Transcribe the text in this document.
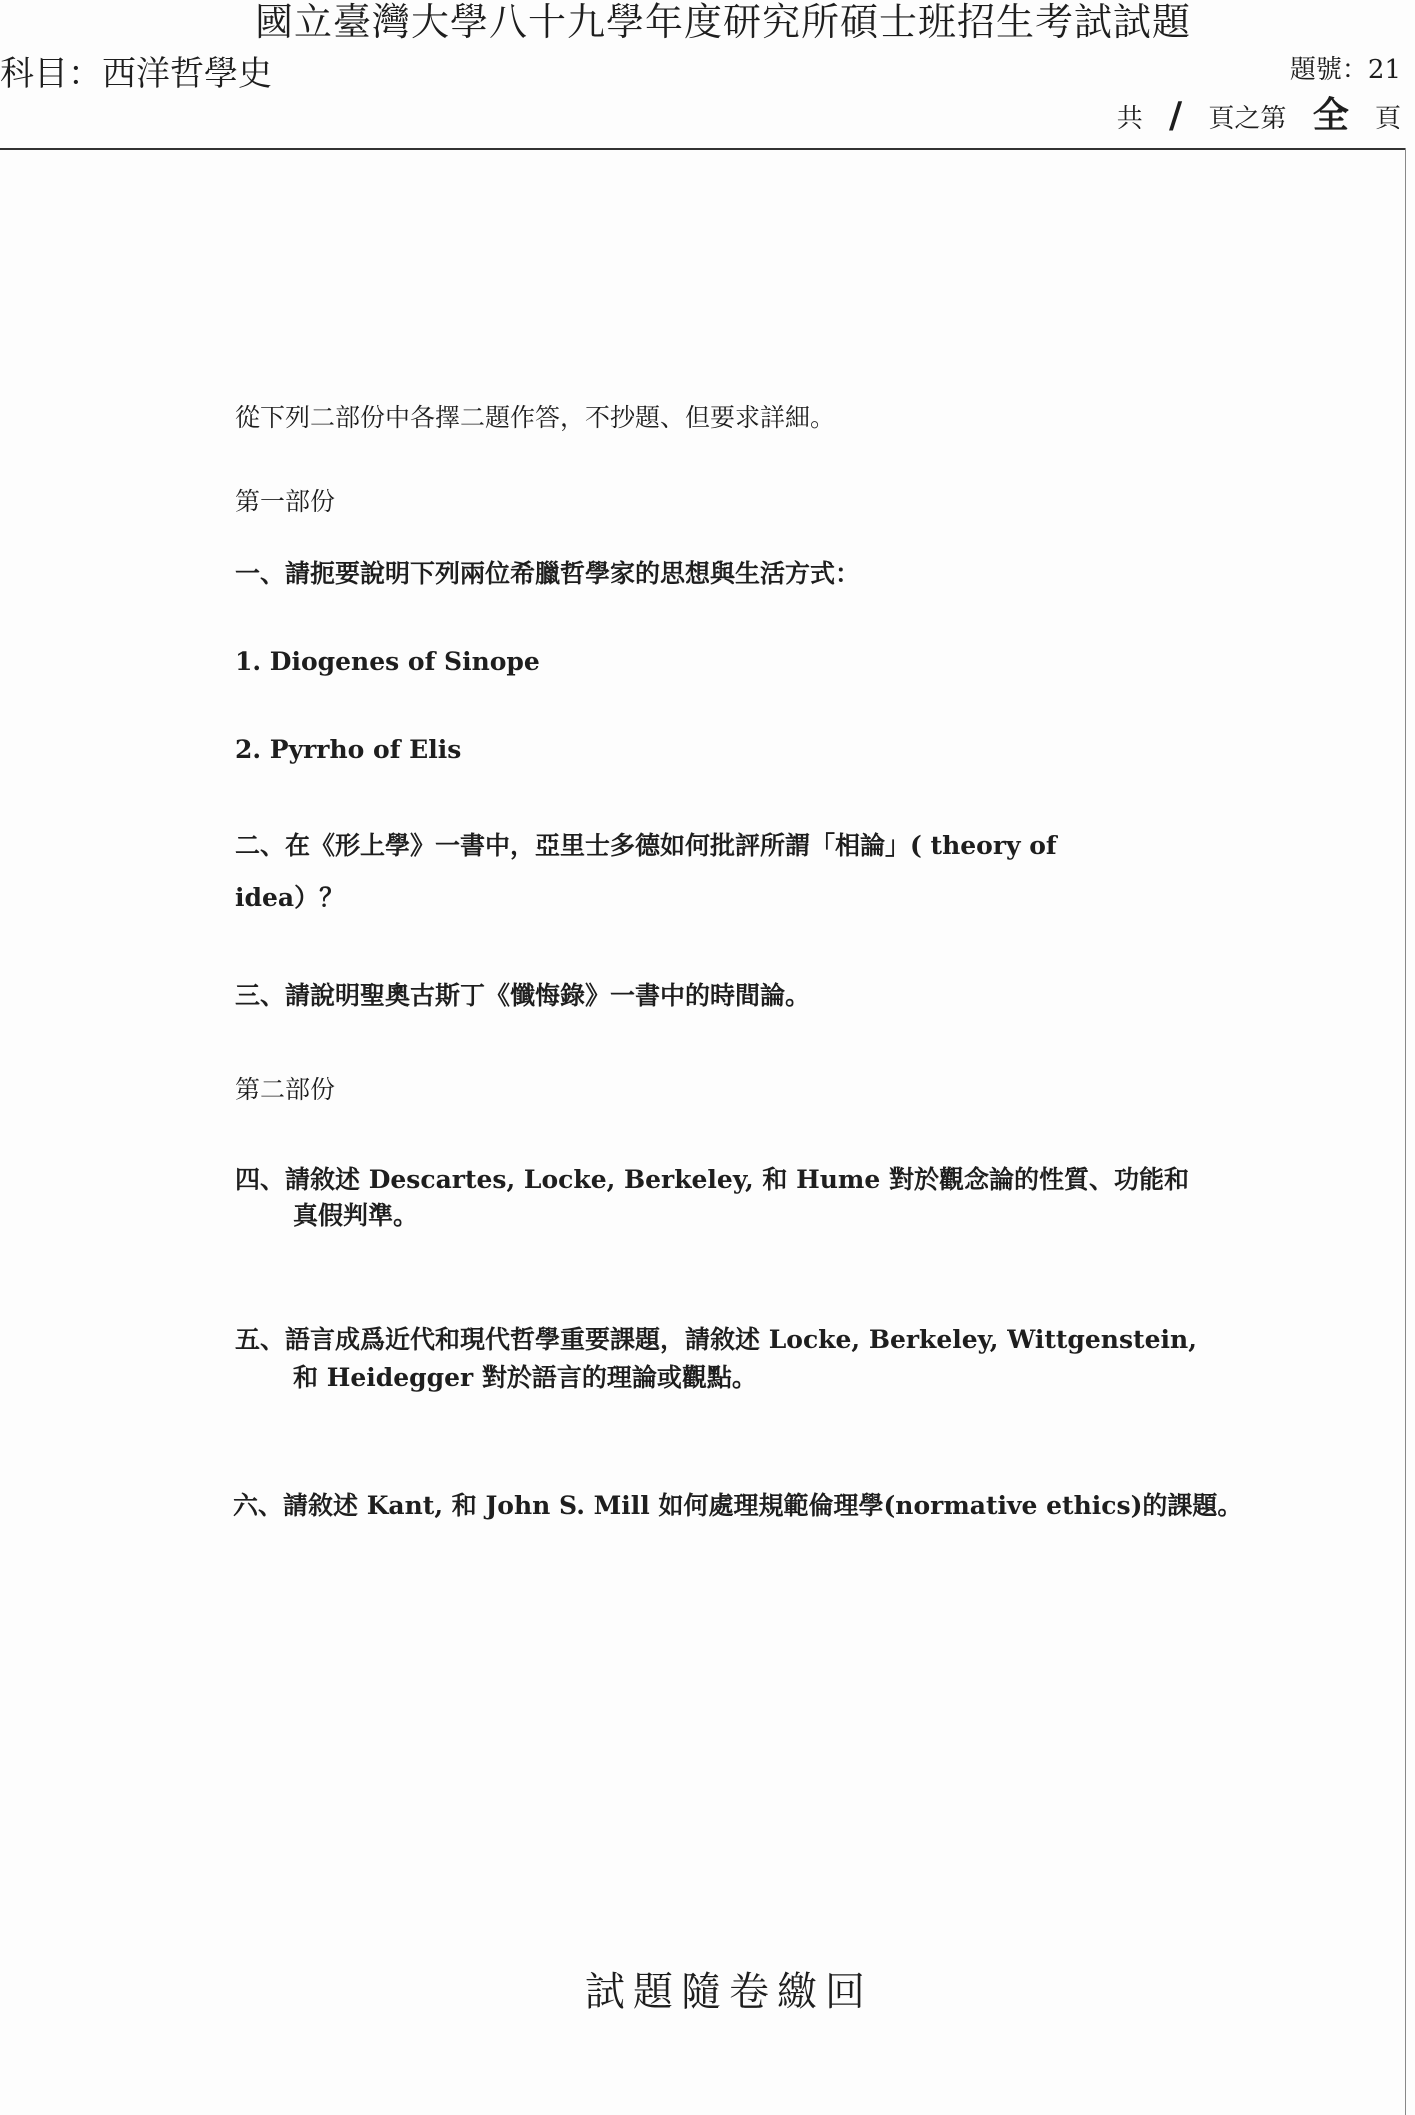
國立臺灣大學八十九學年度研究所碩士班招生考試試題
科目：西洋哲學史	題號：21
共 / 頁之第 全 頁
從下列二部份中各擇二題作答，不抄題、但要求詳細。
第一部份
一、請扼要說明下列兩位希臘哲學家的思想與生活方式：
1. Diogenes of Sinope
2. Pyrrho of Elis
二、在《形上學》一書中，亞里士多德如何批評所謂「相論」( theory of
idea）？
三、請說明聖奧古斯丁《懺悔錄》一書中的時間論。
第二部份
四、請敘述 Descartes, Locke, Berkeley, 和 Hume 對於觀念論的性質、功能和
真假判準。
五、語言成爲近代和現代哲學重要課題，請敘述 Locke, Berkeley, Wittgenstein,
和 Heidegger 對於語言的理論或觀點。
六、請敘述 Kant, 和 John S. Mill 如何處理規範倫理學(normative ethics)的課題。
試題隨卷繳回
